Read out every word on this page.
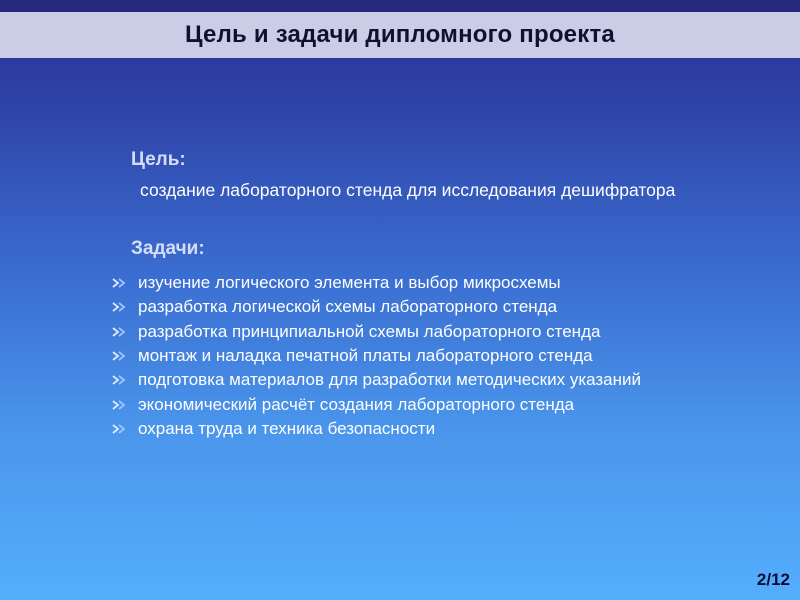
Цель и задачи дипломного проекта
Цель:
создание лабораторного стенда для исследования дешифратора
Задачи:
изучение логического элемента и выбор микросхемы
разработка логической схемы лабораторного стенда
разработка принципиальной схемы лабораторного стенда
монтаж и наладка печатной платы лабораторного стенда
подготовка материалов для разработки методических указаний
экономический расчёт создания лабораторного стенда
охрана труда и техника безопасности
2/12
